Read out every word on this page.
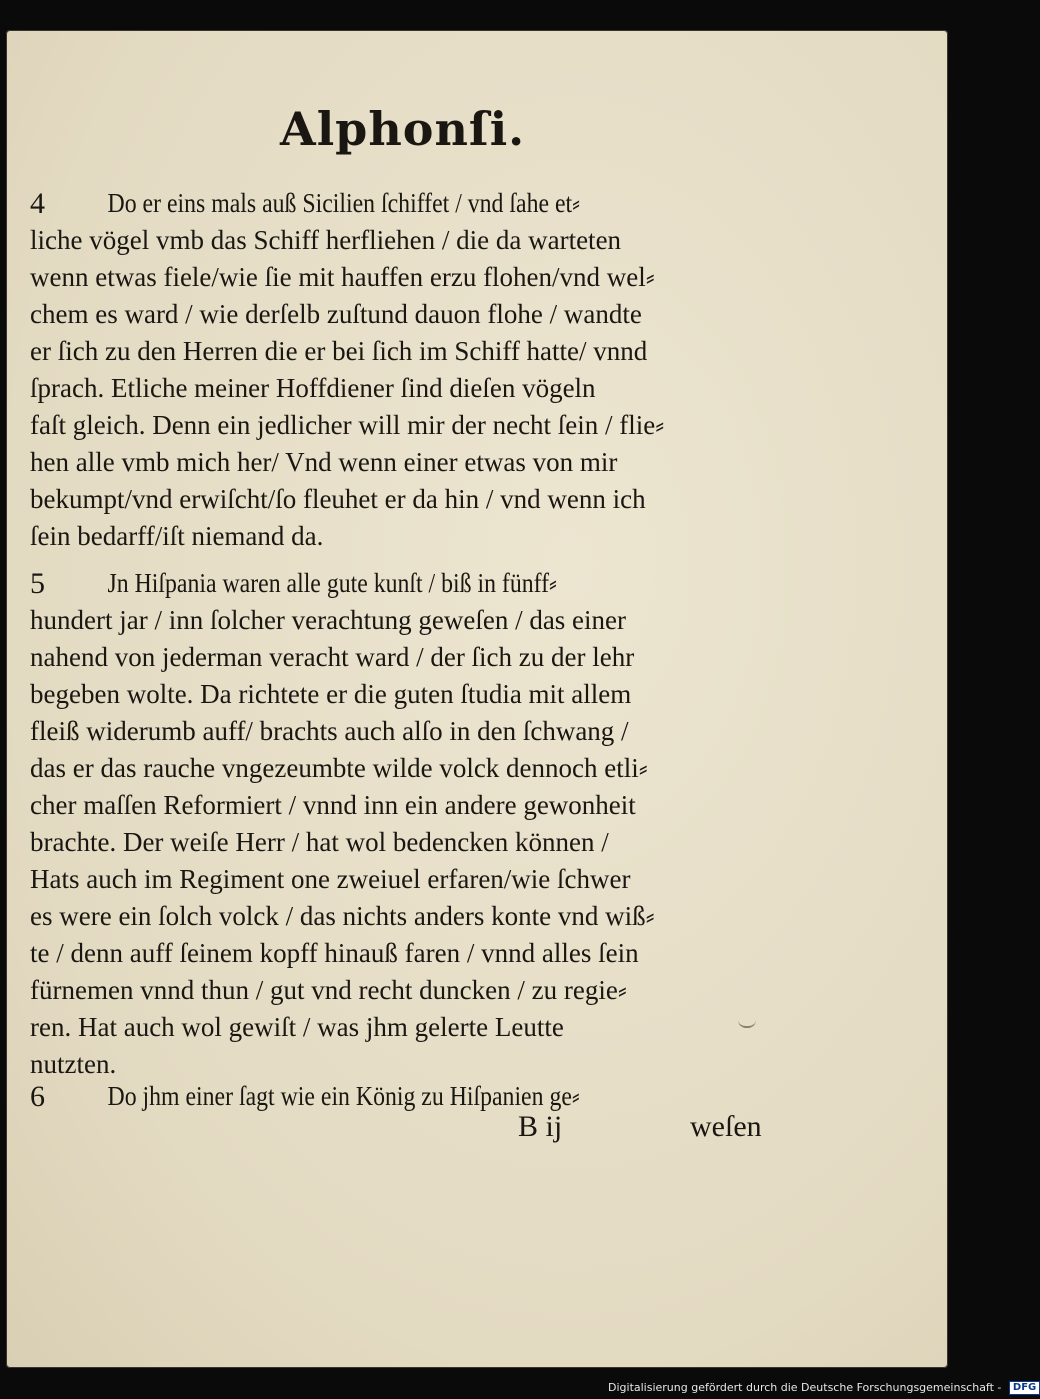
Alphonſi.
4	Do er eins mals auß Sicilien ſchiffet / vnd ſahe et⸗
liche vögel vmb das Schiff herfliehen / die da warteten
wenn etwas fiele/wie ſie mit hauffen erzu flohen/vnd wel⸗
chem es ward / wie derſelb zuſtund dauon flohe / wandte
er ſich zu den Herren die er bei ſich im Schiff hatte/ vnnd
ſprach. Etliche meiner Hoffdiener ſind dieſen vögeln
faſt gleich. Denn ein jedlicher will mir der necht ſein / flie⸗
hen alle vmb mich her/ Vnd wenn einer etwas von mir
bekumpt/vnd erwiſcht/ſo fleuhet er da hin / vnd wenn ich
ſein bedarff/iſt niemand da.
5	Jn Hiſpania waren alle gute kunſt / biß in fünff⸗
hundert jar / inn ſolcher verachtung geweſen / das einer
nahend von jederman veracht ward / der ſich zu der lehr
begeben wolte. Da richtete er die guten ſtudia mit allem
fleiß widerumb auff/ brachts auch alſo in den ſchwang /
das er das rauche vngezeumbte wilde volck dennoch etli⸗
cher maſſen Reformiert / vnnd inn ein andere gewonheit
brachte. Der weiſe Herr / hat wol bedencken können /
Hats auch im Regiment one zweiuel erfaren/wie ſchwer
es were ein ſolch volck / das nichts anders konte vnd wiß⸗
te / denn auff ſeinem kopff hinauß faren / vnnd alles ſein
fürnemen vnnd thun / gut vnd recht duncken / zu regie⸗
ren. Hat auch wol gewiſt / was jhm gelerte Leutte
nutzten.
6	Do jhm einer ſagt wie ein König zu Hiſpanien ge⸗
B ij	weſen
Digitalisierung gefördert durch die Deutsche Forschungsgemeinschaft - DFG
